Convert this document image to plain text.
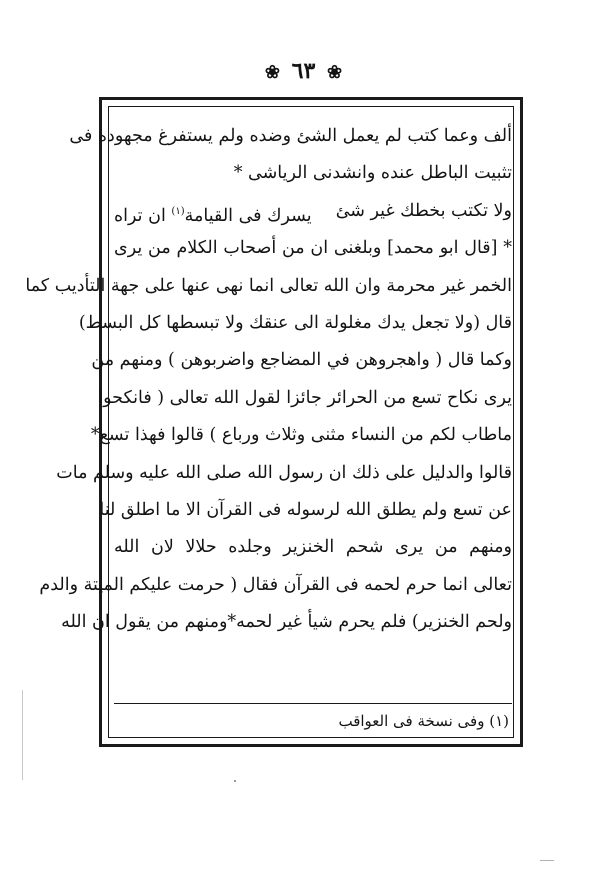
❀ ٦٣ ❀
ألف وعما كتب لم يعمل الشئ وضده ولم يستفرغ مجهوده فى
تثبيت الباطل عنده وانشدنى الرياشى *
ولا تكتب بخطك غير شئ
يسرك فى القيامة$^{(١)}$ ان تراه
* [قال ابو محمد] وبلغنى ان من أصحاب الكلام من يرى
الخمر غير محرمة وان الله تعالى انما نهى عنها على جهة التأديب كما
قال (ولا تجعل يدك مغلولة الى عنقك ولا تبسطها كل البسط)
وكما قال ( واهجروهن في المضاجع واضربوهن ) ومنهم من
يرى نكاح تسع من الحرائر جائزا لقول الله تعالى ( فانكحوا
ماطاب لكم من النساء مثنى وثلاث ورباع ) قالوا فهذا تسع*
قالوا والدليل على ذلك ان رسول الله صلى الله عليه وسلم مات
عن تسع ولم يطلق الله لرسوله فى القرآن الا ما اطلق لنا
ومنهم من يرى شحم الخنزير وجلده حلالا لان الله
تعالى انما حرم لحمه فى القرآن فقال ( حرمت عليكم الميتة والدم
ولحم الخنزير) فلم يحرم شيأ غير لحمه*ومنهم من يقول ان الله
(١) وفى نسخة فى العواقب
